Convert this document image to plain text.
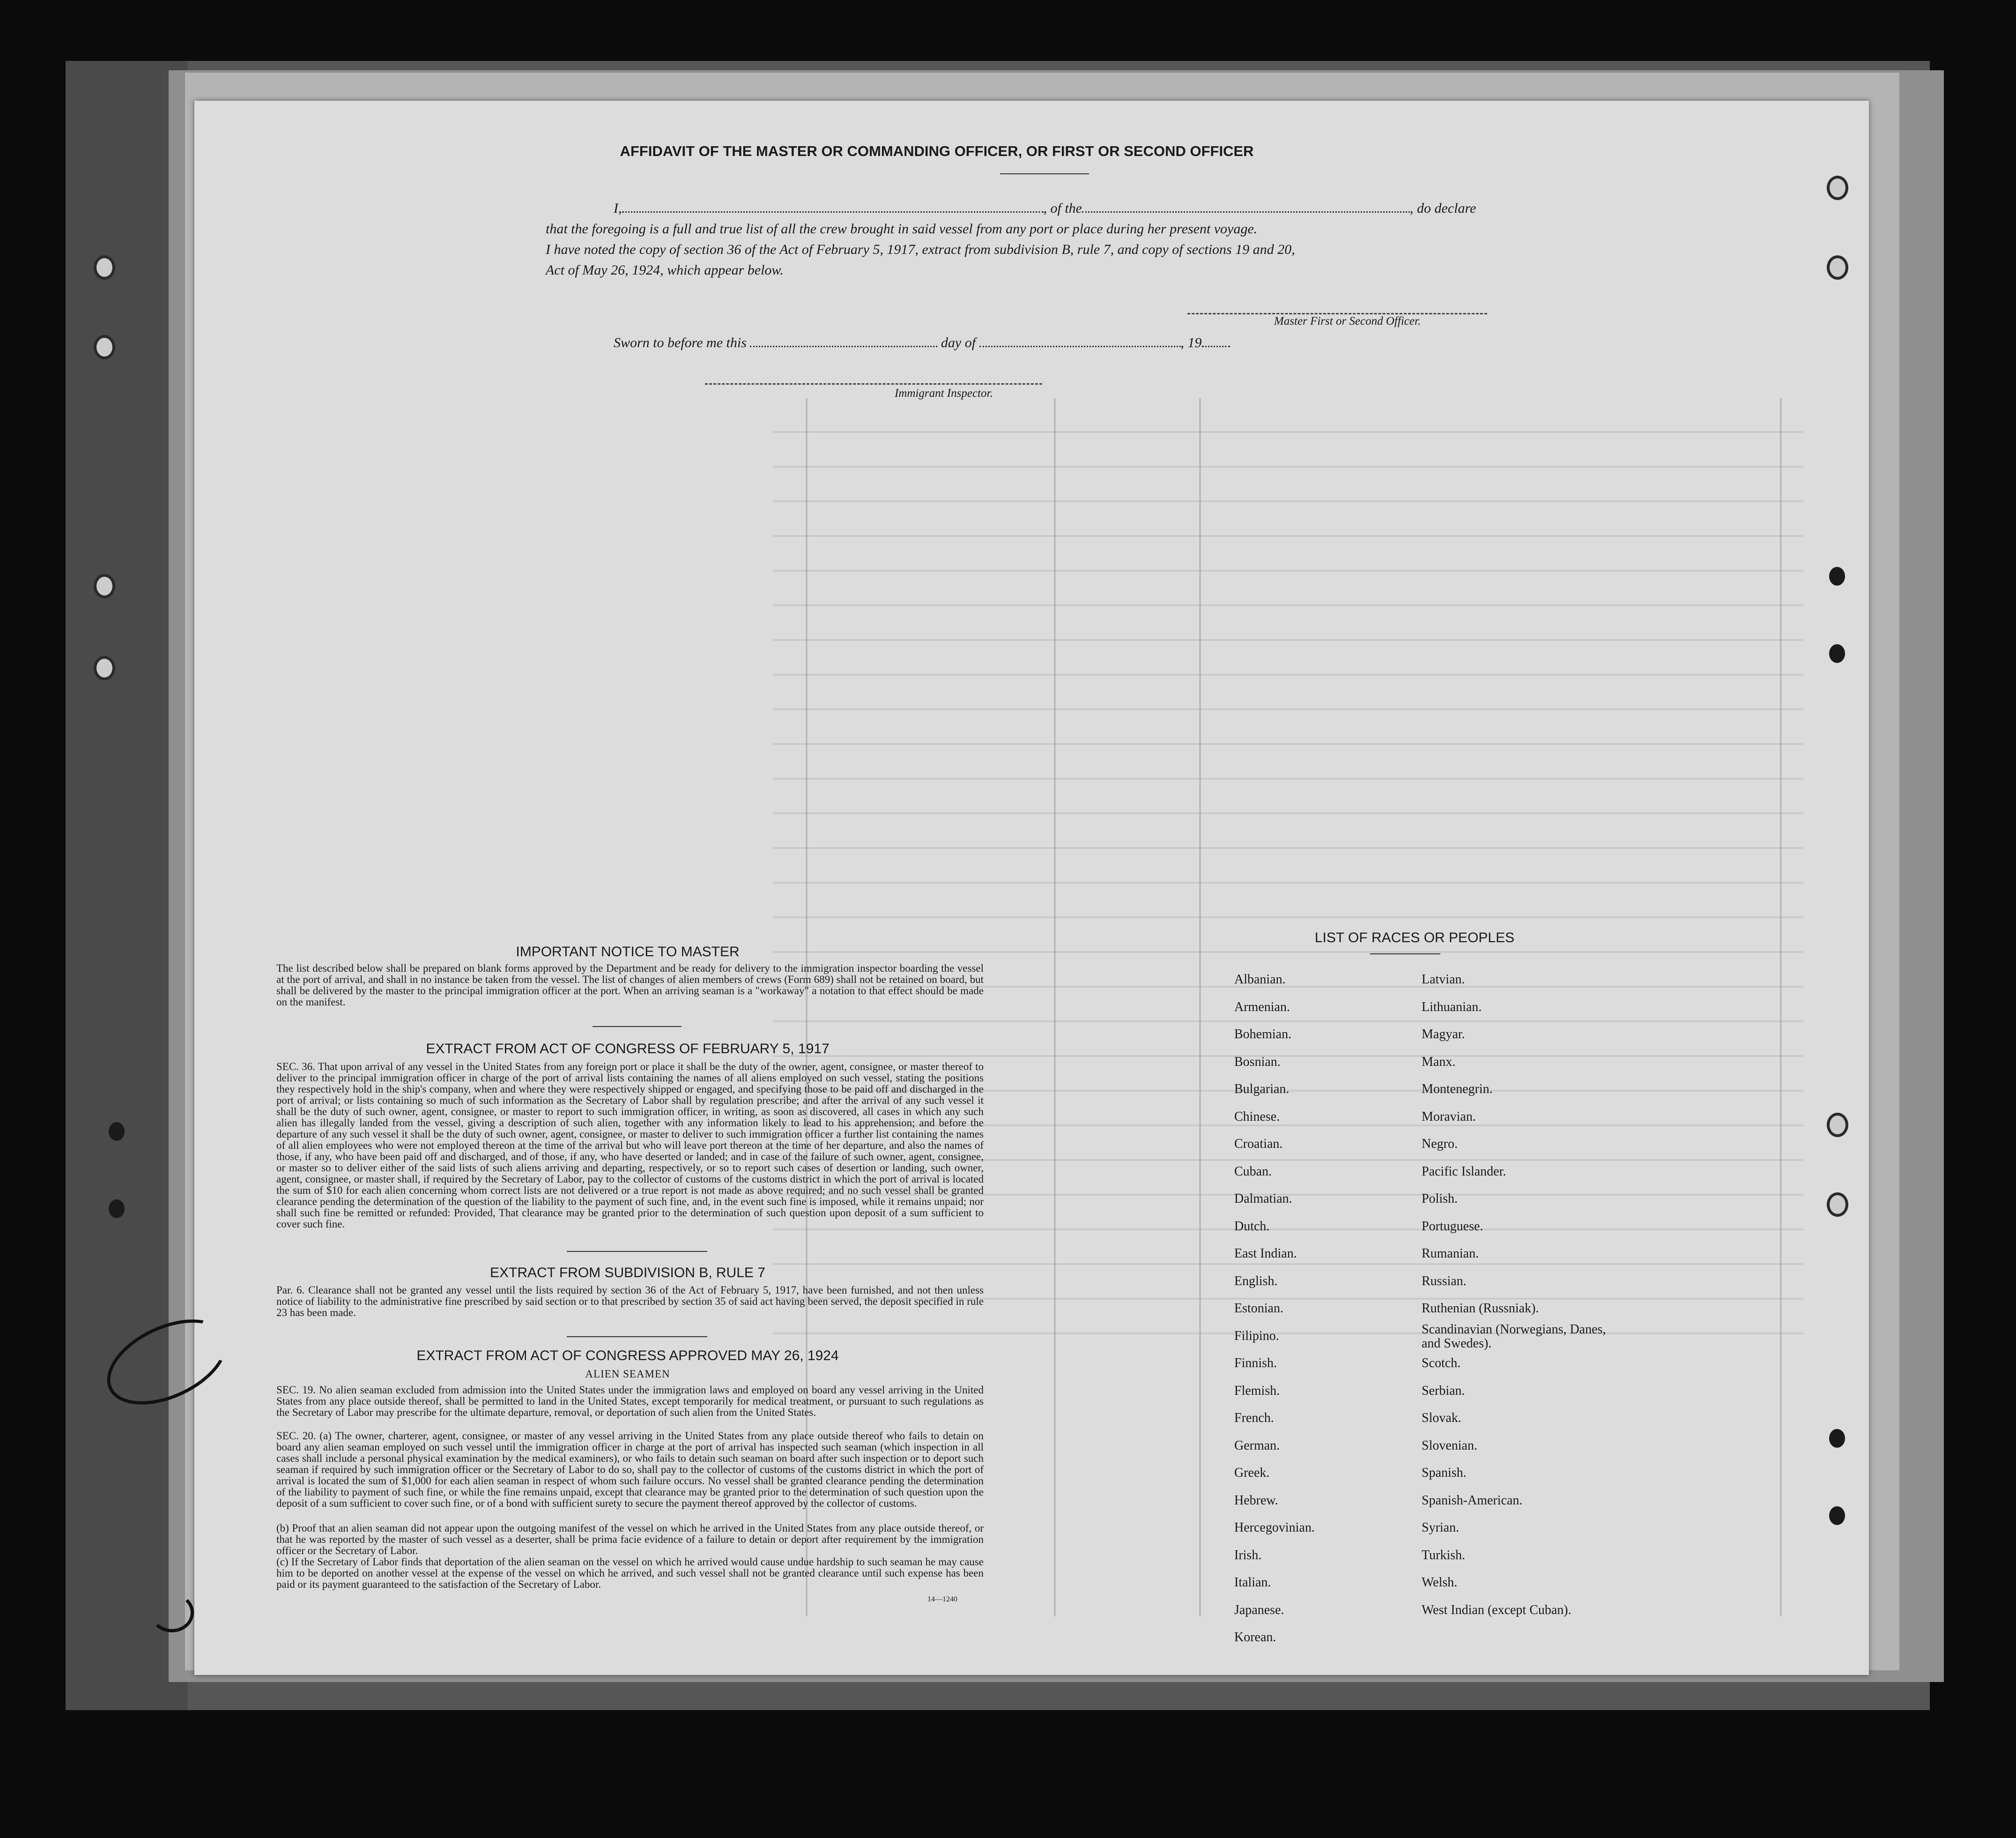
AFFIDAVIT OF THE MASTER OR COMMANDING OFFICER, OR FIRST OR SECOND OFFICER
I,	, of the	, do declare
that the foregoing is a full and true list of all the crew brought in said vessel from any port or place during her present voyage.
I have noted the copy of section 36 of the Act of February 5, 1917, extract from subdivision B, rule 7, and copy of sections 19 and 20,
Act of May 26, 1924, which appear below.
Master First or Second Officer.
Sworn to before me this	day of	, 19
Immigrant Inspector.
IMPORTANT NOTICE TO MASTER
The list described below shall be prepared on blank forms approved by the Department and be ready for delivery to the immigration inspector boarding the vessel at the port of arrival, and shall in no instance be taken from the vessel. The list of changes of alien members of crews (Form 689) shall not be retained on board, but shall be delivered by the master to the principal immigration officer at the port. When an arriving seaman is a "workaway" a notation to that effect should be made on the manifest.
EXTRACT FROM ACT OF CONGRESS OF FEBRUARY 5, 1917
SEC. 36. That upon arrival of any vessel in the United States from any foreign port or place it shall be the duty of the owner, agent, consignee, or master thereof to deliver to the principal immigration officer in charge of the port of arrival lists containing the names of all aliens employed on such vessel, stating the positions they respectively hold in the ship's company, when and where they were respectively shipped or engaged, and specifying those to be paid off and discharged in the port of arrival; or lists containing so much of such information as the Secretary of Labor shall by regulation prescribe; and after the arrival of any such vessel it shall be the duty of such owner, agent, consignee, or master to report to such immigration officer, in writing, as soon as discovered, all cases in which any such alien has illegally landed from the vessel, giving a description of such alien, together with any information likely to lead to his apprehension; and before the departure of any such vessel it shall be the duty of such owner, agent, consignee, or master to deliver to such immigration officer a further list containing the names of all alien employees who were not employed thereon at the time of the arrival but who will leave port thereon at the time of her departure, and also the names of those, if any, who have been paid off and discharged, and of those, if any, who have deserted or landed; and in case of the failure of such owner, agent, consignee, or master so to deliver either of the said lists of such aliens arriving and departing, respectively, or so to report such cases of desertion or landing, such owner, agent, consignee, or master shall, if required by the Secretary of Labor, pay to the collector of customs of the customs district in which the port of arrival is located the sum of $10 for each alien concerning whom correct lists are not delivered or a true report is not made as above required; and no such vessel shall be granted clearance pending the determination of the question of the liability to the payment of such fine, and, in the event such fine is imposed, while it remains unpaid; nor shall such fine be remitted or refunded: Provided, That clearance may be granted prior to the determination of such question upon deposit of a sum sufficient to cover such fine.
EXTRACT FROM SUBDIVISION B, RULE 7
Par. 6. Clearance shall not be granted any vessel until the lists required by section 36 of the Act of February 5, 1917, have been furnished, and not then unless notice of liability to the administrative fine prescribed by said section or to that prescribed by section 35 of said act having been served, the deposit specified in rule 23 has been made.
EXTRACT FROM ACT OF CONGRESS APPROVED MAY 26, 1924
ALIEN SEAMEN
SEC. 19. No alien seaman excluded from admission into the United States under the immigration laws and employed on board any vessel arriving in the United States from any place outside thereof, shall be permitted to land in the United States, except temporarily for medical treatment, or pursuant to such regulations as the Secretary of Labor may prescribe for the ultimate departure, removal, or deportation of such alien from the United States.
SEC. 20. (a) The owner, charterer, agent, consignee, or master of any vessel arriving in the United States from any place outside thereof who fails to detain on board any alien seaman employed on such vessel until the immigration officer in charge at the port of arrival has inspected such seaman (which inspection in all cases shall include a personal physical examination by the medical examiners), or who fails to detain such seaman on board after such inspection or to deport such seaman if required by such immigration officer or the Secretary of Labor to do so, shall pay to the collector of customs of the customs district in which the port of arrival is located the sum of $1,000 for each alien seaman in respect of whom such failure occurs. No vessel shall be granted clearance pending the determination of the liability to payment of such fine, or while the fine remains unpaid, except that clearance may be granted prior to the determination of such question upon the deposit of a sum sufficient to cover such fine, or of a bond with sufficient surety to secure the payment thereof approved by the collector of customs.
(b) Proof that an alien seaman did not appear upon the outgoing manifest of the vessel on which he arrived in the United States from any place outside thereof, or that he was reported by the master of such vessel as a deserter, shall be prima facie evidence of a failure to detain or deport after requirement by the immigration officer or the Secretary of Labor.
(c) If the Secretary of Labor finds that deportation of the alien seaman on the vessel on which he arrived would cause undue hardship to such seaman he may cause him to be deported on another vessel at the expense of the vessel on which he arrived, and such vessel shall not be granted clearance until such expense has been paid or its payment guaranteed to the satisfaction of the Secretary of Labor.
14—1240
LIST OF RACES OR PEOPLES
Albanian.
Armenian.
Bohemian.
Bosnian.
Bulgarian.
Chinese.
Croatian.
Cuban.
Dalmatian.
Dutch.
East Indian.
English.
Estonian.
Filipino.
Finnish.
Flemish.
French.
German.
Greek.
Hebrew.
Hercegovinian.
Irish.
Italian.
Japanese.
Korean.
Latvian.
Lithuanian.
Magyar.
Manx.
Montenegrin.
Moravian.
Negro.
Pacific Islander.
Polish.
Portuguese.
Rumanian.
Russian.
Ruthenian (Russniak).
Scandinavian (Norwegians, Danes, and Swedes).
Scotch.
Serbian.
Slovak.
Slovenian.
Spanish.
Spanish-American.
Syrian.
Turkish.
Welsh.
West Indian (except Cuban).
